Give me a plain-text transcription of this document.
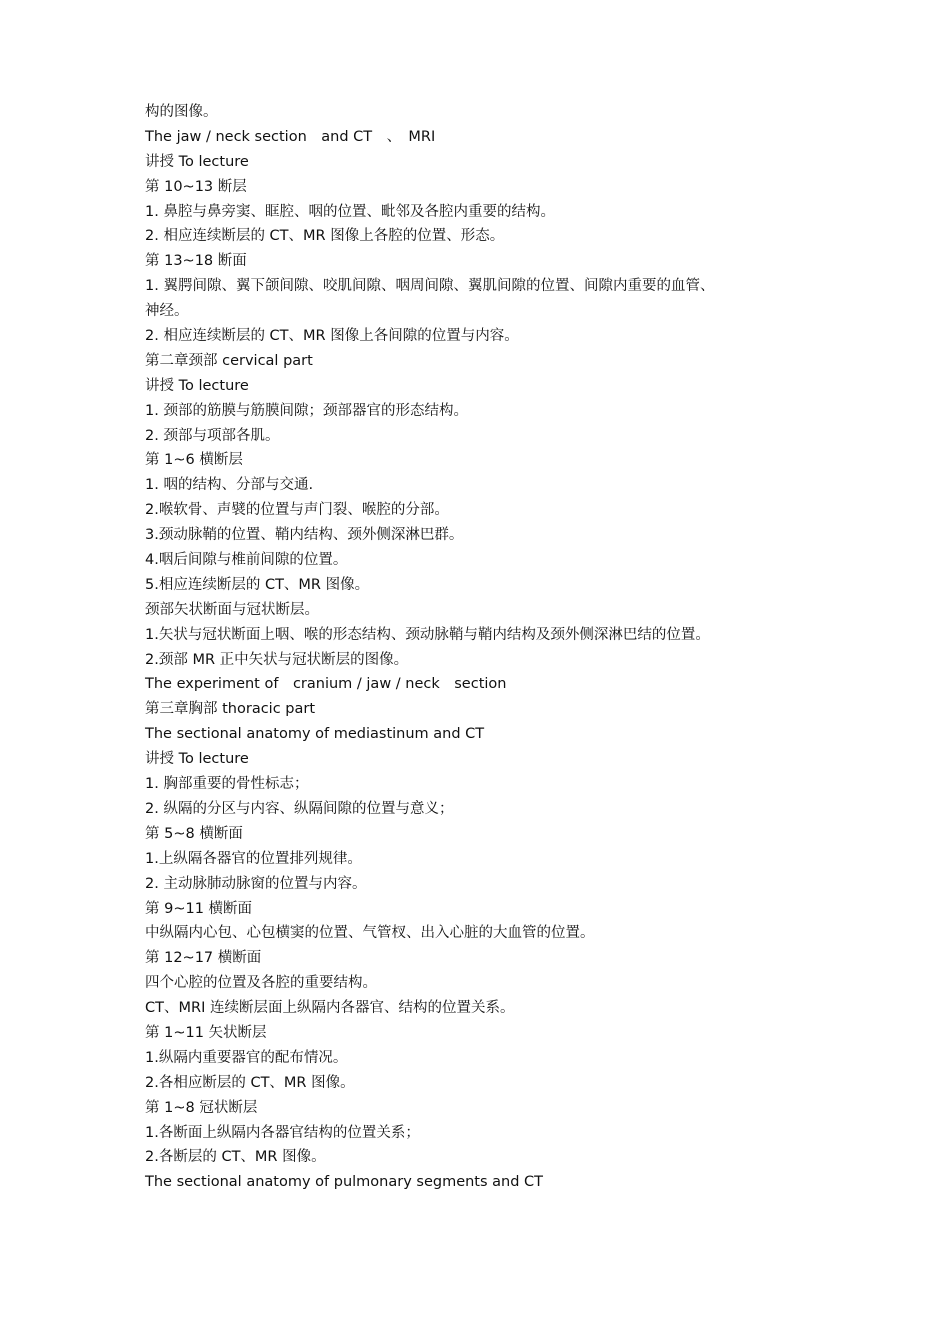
构的图像。
The jaw / neck section　and CT　、　MRI
讲授 To lecture
第 10~13 断层
1. 鼻腔与鼻旁窦、眶腔、咽的位置、毗邻及各腔内重要的结构。
2. 相应连续断层的 CT、MR 图像上各腔的位置、形态。
第 13~18 断面
1. 翼腭间隙、翼下颌间隙、咬肌间隙、咽周间隙、翼肌间隙的位置、间隙内重要的血管、
神经。
2. 相应连续断层的 CT、MR 图像上各间隙的位置与内容。
第二章颈部 cervical part
讲授 To lecture
1. 颈部的筋膜与筋膜间隙；颈部器官的形态结构。
2. 颈部与项部各肌。
第 1~6 横断层
1. 咽的结构、分部与交通.
2.喉软骨、声襞的位置与声门裂、喉腔的分部。
3.颈动脉鞘的位置、鞘内结构、颈外侧深淋巴群。
4.咽后间隙与椎前间隙的位置。
5.相应连续断层的 CT、MR 图像。
颈部矢状断面与冠状断层。
1.矢状与冠状断面上咽、喉的形态结构、颈动脉鞘与鞘内结构及颈外侧深淋巴结的位置。
2.颈部 MR 正中矢状与冠状断层的图像。
The experiment of　cranium / jaw / neck　section
第三章胸部 thoracic part
The sectional anatomy of mediastinum and CT
讲授 To lecture
1. 胸部重要的骨性标志；
2. 纵隔的分区与内容、纵隔间隙的位置与意义；
第 5~8 横断面
1.上纵隔各器官的位置排列规律。
2. 主动脉肺动脉窗的位置与内容。
第 9~11 横断面
中纵隔内心包、心包横窦的位置、气管杈、出入心脏的大血管的位置。
第 12~17 横断面
四个心腔的位置及各腔的重要结构。
CT、MRI 连续断层面上纵隔内各器官、结构的位置关系。
第 1~11 矢状断层
1.纵隔内重要器官的配布情况。
2.各相应断层的 CT、MR 图像。
第 1~8 冠状断层
1.各断面上纵隔内各器官结构的位置关系；
2.各断层的 CT、MR 图像。
The sectional anatomy of pulmonary segments and CT
